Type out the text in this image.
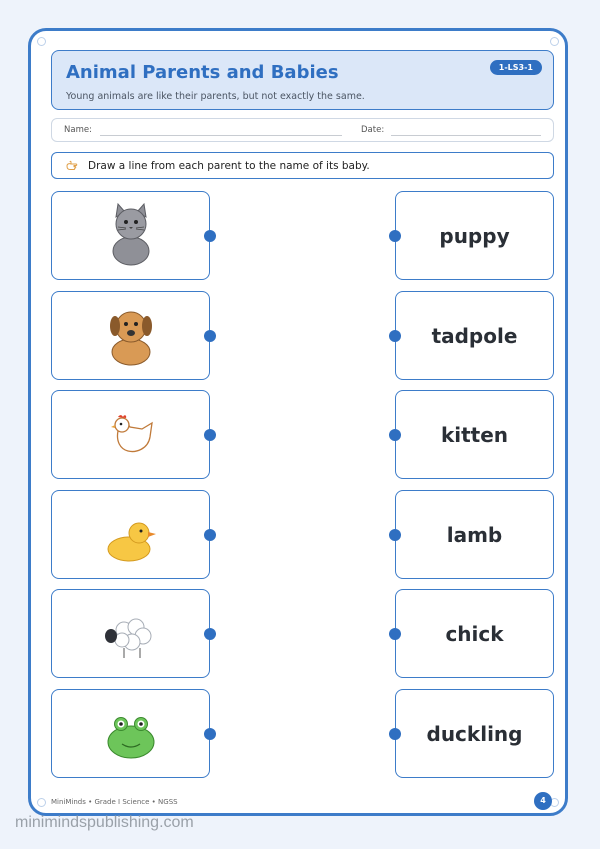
Animal Parents and Babies
Young animals are like their parents, but not exactly the same.
1-LS3-1
Name:	Date:
Draw a line from each parent to the name of its baby.
puppy
tadpole
kitten
lamb
chick
duckling
MiniMinds • Grade I Science • NGSS	4
minimindspublishing.com
